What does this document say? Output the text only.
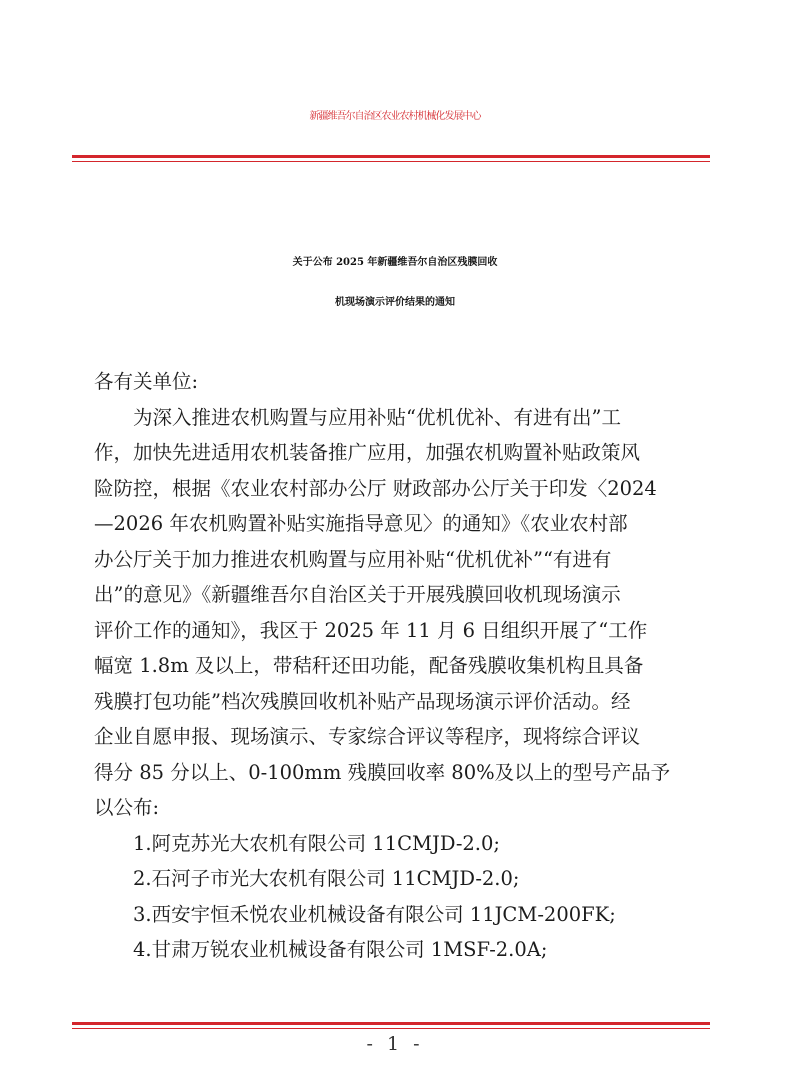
新疆维吾尔自治区农业农村机械化发展中心
关于公布 2025 年新疆维吾尔自治区残膜回收
机现场演示评价结果的通知
各有关单位:
为深入推进农机购置与应用补贴“优机优补、有进有出”工
作，加快先进适用农机装备推广应用，加强农机购置补贴政策风
险防控，根据《农业农村部办公厅 财政部办公厅关于印发〈2024
—2026 年农机购置补贴实施指导意见〉的通知》《农业农村部
办公厅关于加力推进农机购置与应用补贴“优机优补”“有进有
出”的意见》《新疆维吾尔自治区关于开展残膜回收机现场演示
评价工作的通知》，我区于 2025 年 11 月 6 日组织开展了“工作
幅宽 1.8m 及以上，带秸秆还田功能，配备残膜收集机构且具备
残膜打包功能”档次残膜回收机补贴产品现场演示评价活动。经
企业自愿申报、现场演示、专家综合评议等程序，现将综合评议
得分 85 分以上、0-100mm 残膜回收率 80%及以上的型号产品予
以公布:
1.阿克苏光大农机有限公司 11CMJD-2.0;
2.石河子市光大农机有限公司 11CMJD-2.0;
3.西安宇恒禾悦农业机械设备有限公司 11JCM-200FK;
4.甘肃万锐农业机械设备有限公司 1MSF-2.0A;
- 1 -
